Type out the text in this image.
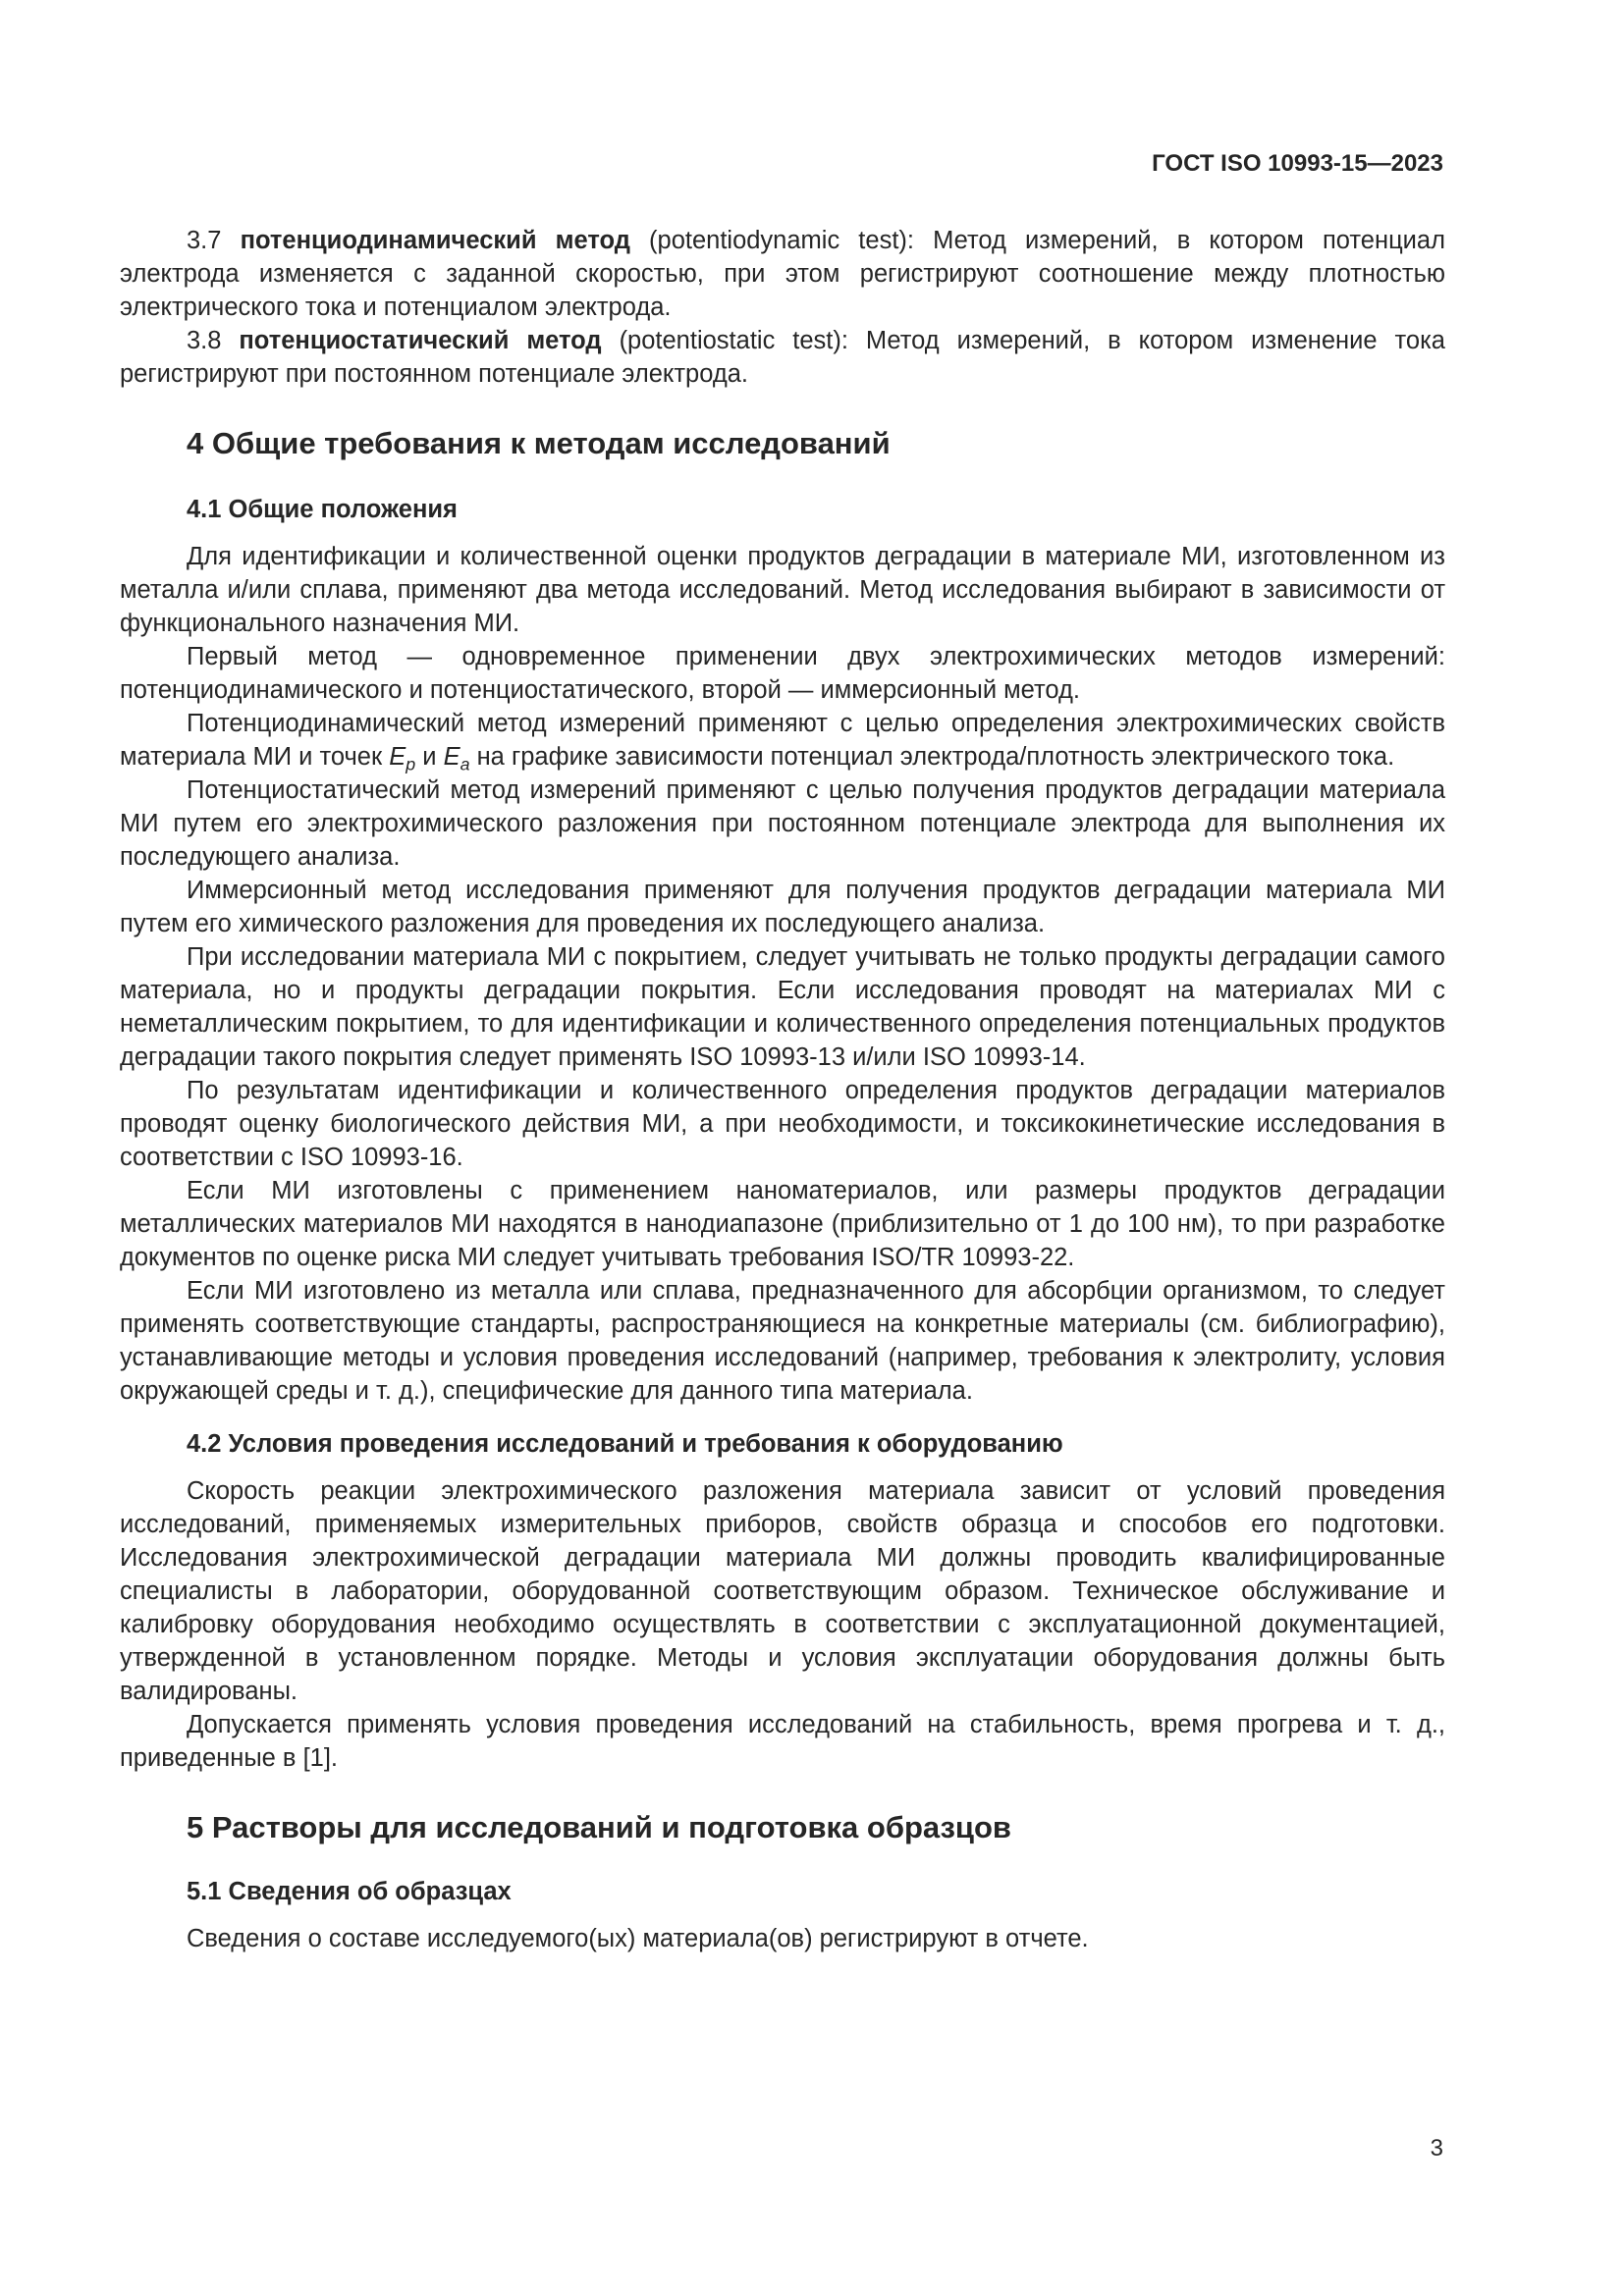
ГОСТ ISO 10993-15—2023

3.7 потенциодинамический метод (potentiodynamic test): Метод измерений, в котором потенциал электрода изменяется с заданной скоростью, при этом регистрируют соотношение между плотностью электрического тока и потенциалом электрода.

3.8 потенциостатический метод (potentiostatic test): Метод измерений, в котором изменение тока регистрируют при постоянном потенциале электрода.

4 Общие требования к методам исследований
4.1 Общие положения

Для идентификации и количественной оценки продуктов деградации в материале МИ, изготовленном из металла и/или сплава, применяют два метода исследований. Метод исследования выбирают в зависимости от функционального назначения МИ.

Первый метод — одновременное применении двух электрохимических методов измерений: потенциодинамического и потенциостатического, второй — иммерсионный метод.

Потенциодинамический метод измерений применяют с целью определения электрохимических свойств материала МИ и точек $E_p$ и $E_a$ на графике зависимости потенциал электрода/плотность электрического тока.

Потенциостатический метод измерений применяют с целью получения продуктов деградации материала МИ путем его электрохимического разложения при постоянном потенциале электрода для выполнения их последующего анализа.

Иммерсионный метод исследования применяют для получения продуктов деградации материала МИ путем его химического разложения для проведения их последующего анализа.

При исследовании материала МИ с покрытием, следует учитывать не только продукты деградации самого материала, но и продукты деградации покрытия. Если исследования проводят на материалах МИ с неметаллическим покрытием, то для идентификации и количественного определения потенциальных продуктов деградации такого покрытия следует применять ISO 10993-13 и/или ISO 10993-14.

По результатам идентификации и количественного определения продуктов деградации материалов проводят оценку биологического действия МИ, а при необходимости, и токсикокинетические исследования в соответствии с ISO 10993-16.

Если МИ изготовлены с применением наноматериалов, или размеры продуктов деградации металлических материалов МИ находятся в нанодиапазоне (приблизительно от 1 до 100 нм), то при разработке документов по оценке риска МИ следует учитывать требования ISO/TR 10993-22.

Если МИ изготовлено из металла или сплава, предназначенного для абсорбции организмом, то следует применять соответствующие стандарты, распространяющиеся на конкретные материалы (см. библиографию), устанавливающие методы и условия проведения исследований (например, требования к электролиту, условия окружающей среды и т. д.), специфические для данного типа материала.

4.2 Условия проведения исследований и требования к оборудованию

Скорость реакции электрохимического разложения материала зависит от условий проведения исследований, применяемых измерительных приборов, свойств образца и способов его подготовки. Исследования электрохимической деградации материала МИ должны проводить квалифицированные специалисты в лаборатории, оборудованной соответствующим образом. Техническое обслуживание и калибровку оборудования необходимо осуществлять в соответствии с эксплуатационной документацией, утвержденной в установленном порядке. Методы и условия эксплуатации оборудования должны быть валидированы.

Допускается применять условия проведения исследований на стабильность, время прогрева и т. д., приведенные в [1].

5 Растворы для исследований и подготовка образцов
5.1 Сведения об образцах

Сведения о составе исследуемого(ых) материала(ов) регистрируют в отчете.

3
